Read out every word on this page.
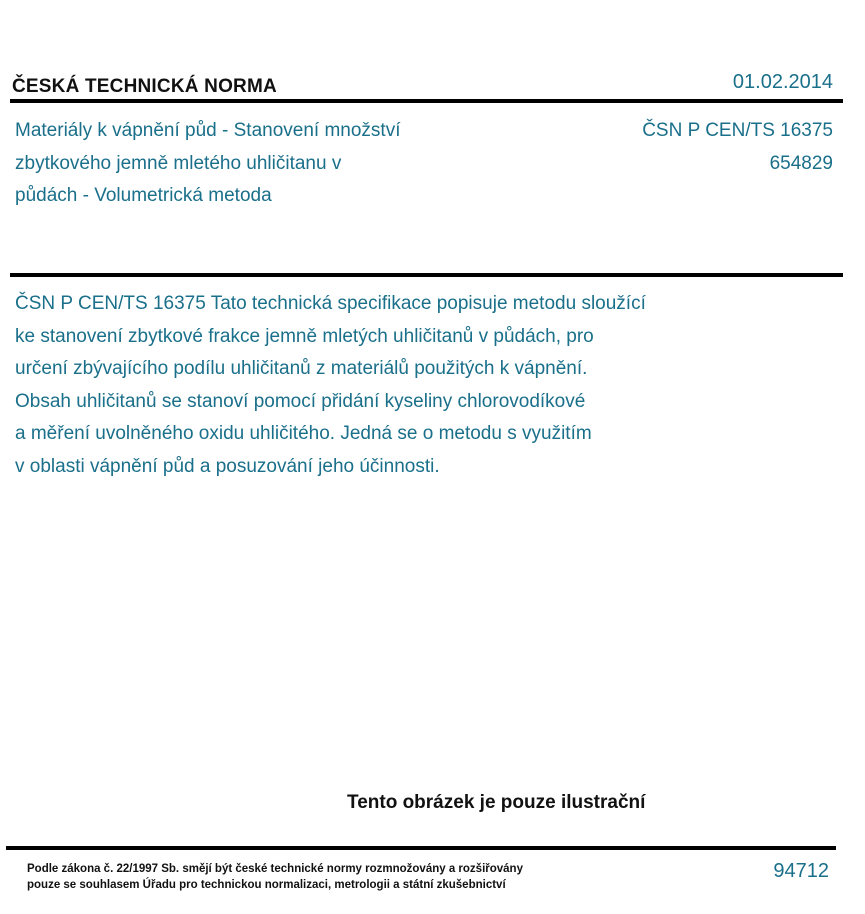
ČESKÁ TECHNICKÁ NORMA	01.02.2014
Materiály k vápnění půd - Stanovení množství
zbytkového jemně mletého uhličitanu v
půdách - Volumetrická metoda
ČSN P CEN/TS 16375
654829
ČSN P CEN/TS 16375 Tato technická specifikace popisuje metodu sloužící
ke stanovení zbytkové frakce jemně mletých uhličitanů v půdách, pro
určení zbývajícího podílu uhličitanů z materiálů použitých k vápnění.
Obsah uhličitanů se stanoví pomocí přidání kyseliny chlorovodíkové
a měření uvolněného oxidu uhličitého. Jedná se o metodu s využitím
v oblasti vápnění půd a posuzování jeho účinnosti.
Tento obrázek je pouze ilustrační
Podle zákona č. 22/1997 Sb. smějí být české technické normy rozmnožovány a rozšiřovány
pouze se souhlasem Úřadu pro technickou normalizaci, metrologii a státní zkušebnictví
94712
